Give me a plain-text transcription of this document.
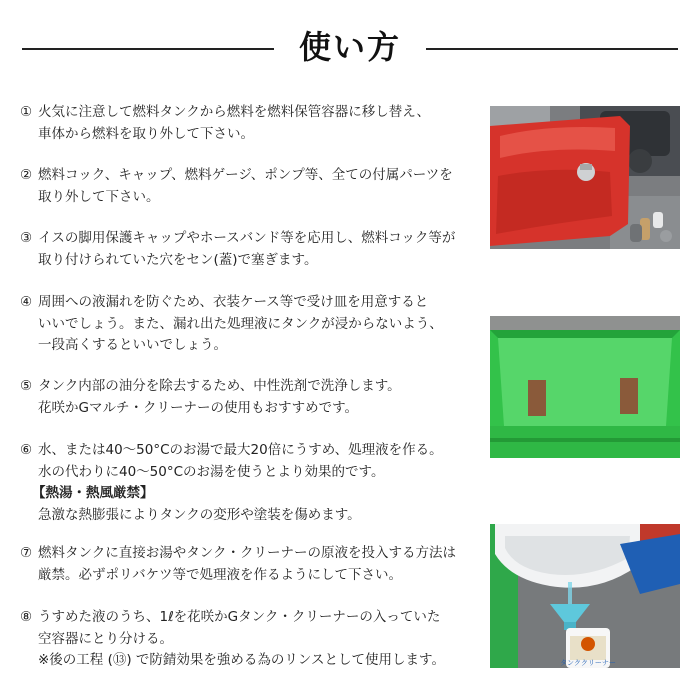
使い方
① 火気に注意して燃料タンクから燃料を燃料保管容器に移し替え、
車体から燃料を取り外して下さい。
② 燃料コック、キャップ、燃料ゲージ、ポンプ等、全ての付属パーツを
取り外して下さい。
③ イスの脚用保護キャップやホースバンド等を応用し、燃料コック等が
取り付けられていた穴をセン(蓋)で塞ぎます。
④ 周囲への液漏れを防ぐため、衣装ケース等で受け皿を用意すると
いいでしょう。また、漏れ出た処理液にタンクが浸からないよう、
一段高くするといいでしょう。
⑤ タンク内部の油分を除去するため、中性洗剤で洗浄します。
花咲かGマルチ・クリーナーの使用もおすすめです。
⑥ 水、または40〜50°Cのお湯で最大20倍にうすめ、処理液を作る。
水の代わりに40〜50°Cのお湯を使うとより効果的です。
【熱湯・熱風厳禁】
急激な熱膨張によりタンクの変形や塗装を傷めます。
⑦ 燃料タンクに直接お湯やタンク・クリーナーの原液を投入する方法は
厳禁。必ずポリバケツ等で処理液を作るようにして下さい。
⑧ うすめた液のうち、1ℓを花咲かGタンク・クリーナーの入っていた
空容器にとり分ける。
※後の工程 (⑬) で防錆効果を強める為のリンスとして使用します。	タンククリーナー
